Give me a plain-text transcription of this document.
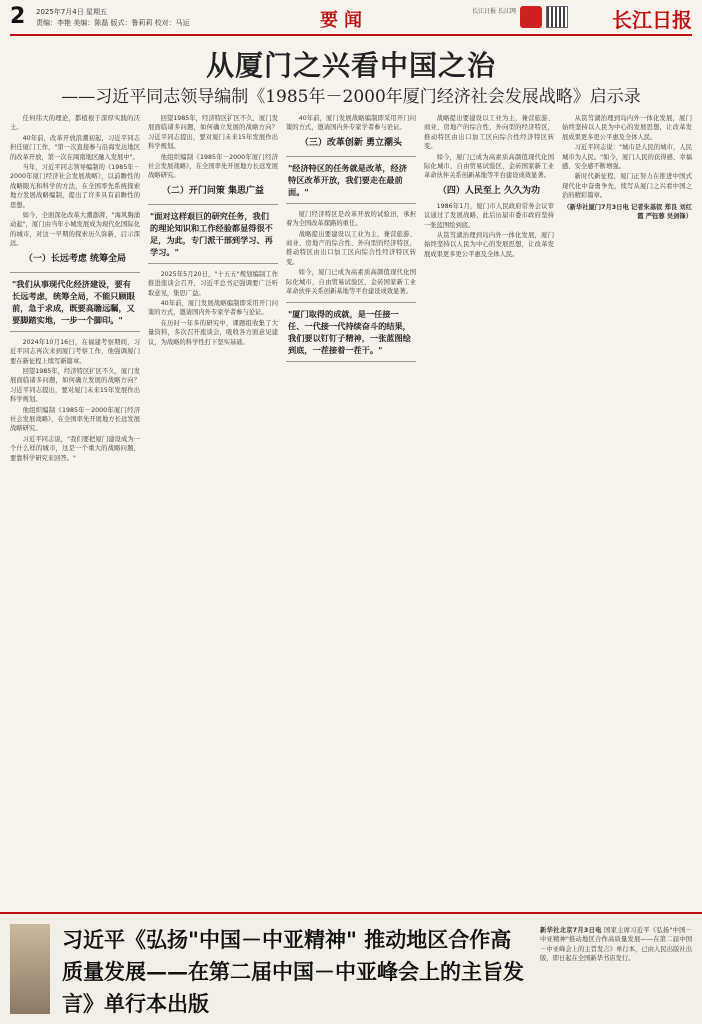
2 2025年7月4日 星期五
责编：李艳 美编：陈磊 版式：鲁莉莉 校对：马运	要闻	长江日报 长江网	长江日报
从厦门之兴看中国之治
——习近平同志领导编制《1985年－2000年厦门经济社会发展战略》启示录

任何伟大的理论，都植根于深厚实践的沃土。

40年前，改革开放浪潮初起，习近平同志担任厦门工作，"第一次直接参与沿海发达地区的改革开放，第一次在闽南地区融入发展中"。

当年，习近平同志领导编制的《1985年－2000年厦门经济社会发展战略》，以前瞻性的战略眼光和科学的方法，在全国率先系统探索地方发展战略编制，提出了许多具有前瞻性的思想。

如今，全面深化改革大潮澎湃，"海风胸涌动起"，厦门由当年小城发展成为现代化国际化的城市，对这一早期的探索历久弥新，启示深远。

（一）长远考虑 统筹全局
"我们从事现代化经济建设，要有长远考虑，统筹全局，不能只顾眼前，急于求成，既要高瞻远瞩，又要脚踏实地，一步一个脚印。"

2024年10月16日，在福建考察期间，习近平同志再次来到厦门考察工作，他强调厦门要在新征程上续写新篇章。

回望1985年，经济特区扩区不久，厦门发展面临诸多问题，如何确立发展的战略方向？习近平同志提出，要对厦门未来15年发展作出科学规划。

他组织编制《1985年－2000年厦门经济社会发展战略》，在全国率先开展地方长远发展战略研究。

习近平同志说，"我们要把厦门建设成为一个什么样的城市，这是一个重大的战略问题，要靠科学研究来回答。"

回望1985年，经济特区扩区不久，厦门发展面临诸多问题，如何确立发展的战略方向？习近平同志提出，要对厦门未来15年发展作出科学规划。

他组织编制《1985年－2000年厦门经济社会发展战略》，在全国率先开展地方长远发展战略研究。

（二）开门问策 集思广益
"面对这样艰巨的研究任务，我们的理论知识和工作经验都显得很不足，为此，专门派干部到学习、再学习。"

2025年5月20日，"十五五"规划编制工作推进座谈会召开，习近平总书记强调要广泛听取意见，集思广益。

40年前，厦门发展战略编制即采用开门问策的方式，邀请国内外专家学者参与论证。

在历时一年多的研究中，课题组收集了大量资料，多次召开座谈会，吸收各方面意见建议，为战略的科学性打下坚实基础。

40年前，厦门发展战略编制即采用开门问策的方式，邀请国内外专家学者参与论证。

（三）改革创新 勇立潮头
"经济特区的任务就是改革，经济特区改革开放，我们要走在最前面。"

厦门经济特区是改革开放的试验田，承担着为全国改革探路的重任。

战略提出要建设以工业为主，兼营旅游、商业、房地产的综合性、外向型的经济特区，推动特区由出口加工区向综合性经济特区转变。

如今，厦门已成为高素质高颜值现代化国际化城市，自由贸易试验区、金砖国家新工业革命伙伴关系创新基地等平台建设成效显著。

"厦门取得的成就，是一任接一任、一代接一代持续奋斗的结果，我们要以钉钉子精神，一张蓝图绘到底，一茬接着一茬干。"

战略提出要建设以工业为主，兼营旅游、商业、房地产的综合性、外向型的经济特区，推动特区由出口加工区向综合性经济特区转变。

如今，厦门已成为高素质高颜值现代化国际化城市，自由贸易试验区、金砖国家新工业革命伙伴关系创新基地等平台建设成效显著。

（四）人民至上 久久为功

1986年1月，厦门市人民政府常务会议审议通过了发展战略，此后历届市委市政府坚持一张蓝图绘到底。

从筼筜湖治理到岛内外一体化发展，厦门始终坚持以人民为中心的发展思想，让改革发展成果更多更公平惠及全体人民。

从筼筜湖治理到岛内外一体化发展，厦门始终坚持以人民为中心的发展思想，让改革发展成果更多更公平惠及全体人民。

习近平同志说："城市是人民的城市，人民城市为人民。"如今，厦门人民的获得感、幸福感、安全感不断增强。

新时代新征程，厦门正努力在推进中国式现代化中奋勇争先，续写从厦门之兴看中国之治的精彩篇章。

（新华社厦门7月3日电 记者朱基钗 郑良 刘红霞 严钰蓉 吴剑锋）
习近平《弘扬"中国－中亚精神" 推动地区合作高质量发展——在第二届中国－中亚峰会上的主旨发言》单行本出版
新华社北京7月3日电 国家主席习近平《弘扬"中国－中亚精神"推动地区合作高质量发展——在第二届中国－中亚峰会上的主旨发言》单行本，已由人民出版社出版，即日起在全国新华书店发行。
